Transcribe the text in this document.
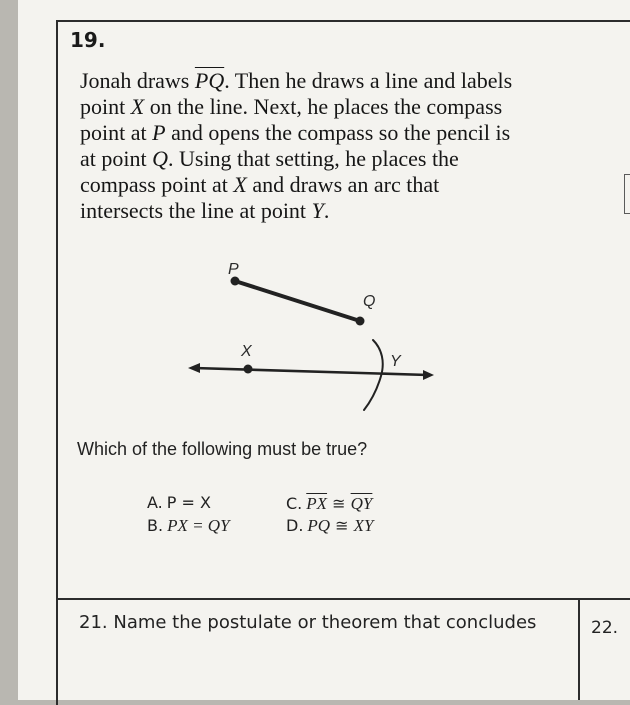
19.

Jonah draws $\overline{PQ}$. Then he draws a line and labels
point X on the line. Next, he places the compass
point at P and opens the compass so the pencil is
at point Q. Using that setting, he places the
compass point at X and draws an arc that
intersects the line at point Y.
P
Q
X
Y

Which of the following must be true?

A. P = X
B. PX = QY
C. $\overline{PX}$ ≅ $\overline{QY}$
D. PQ ≅ XY

21. Name the postulate or theorem that concludes	22.
